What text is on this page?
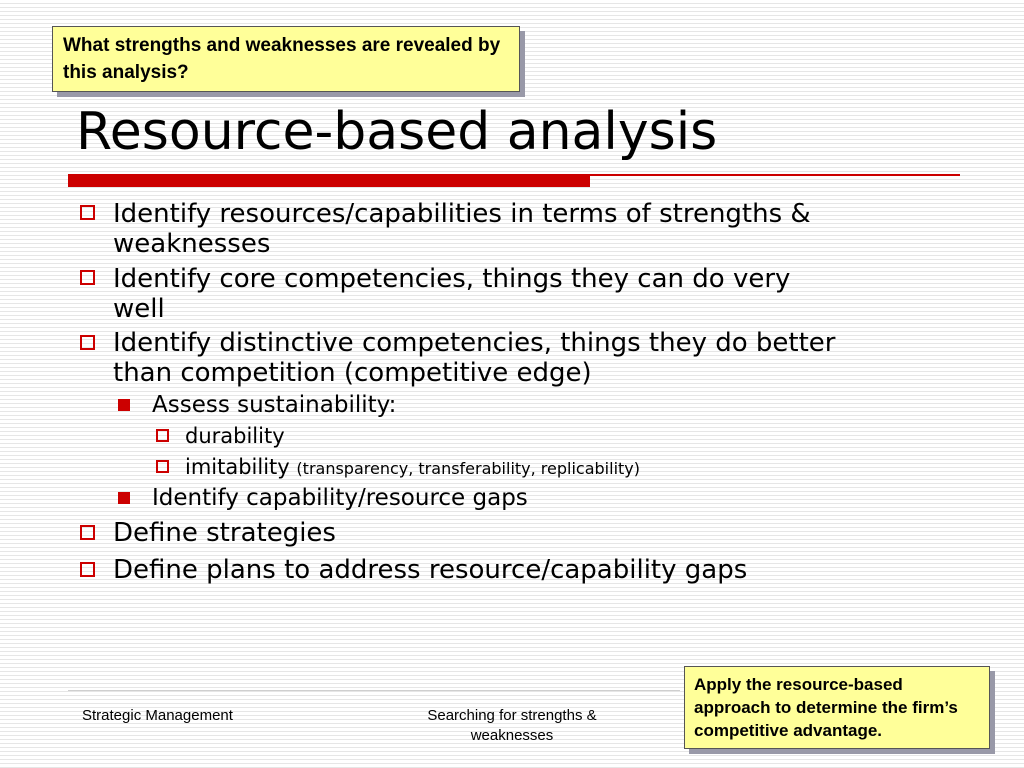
What strengths and weaknesses are revealed by this analysis?
Resource-based analysis
Identify resources/capabilities in terms of strengths &
weaknesses
Identify core competencies, things they can do very
well
Identify distinctive competencies, things they do better
than competition (competitive edge)
Assess sustainability:
durability
imitability (transparency, transferability, replicability)
Identify capability/resource gaps
Define strategies
Define plans to address resource/capability gaps
Strategic Management	Searching for strengths & weaknesses
Apply the resource-based approach to determine the firm’s competitive advantage.
